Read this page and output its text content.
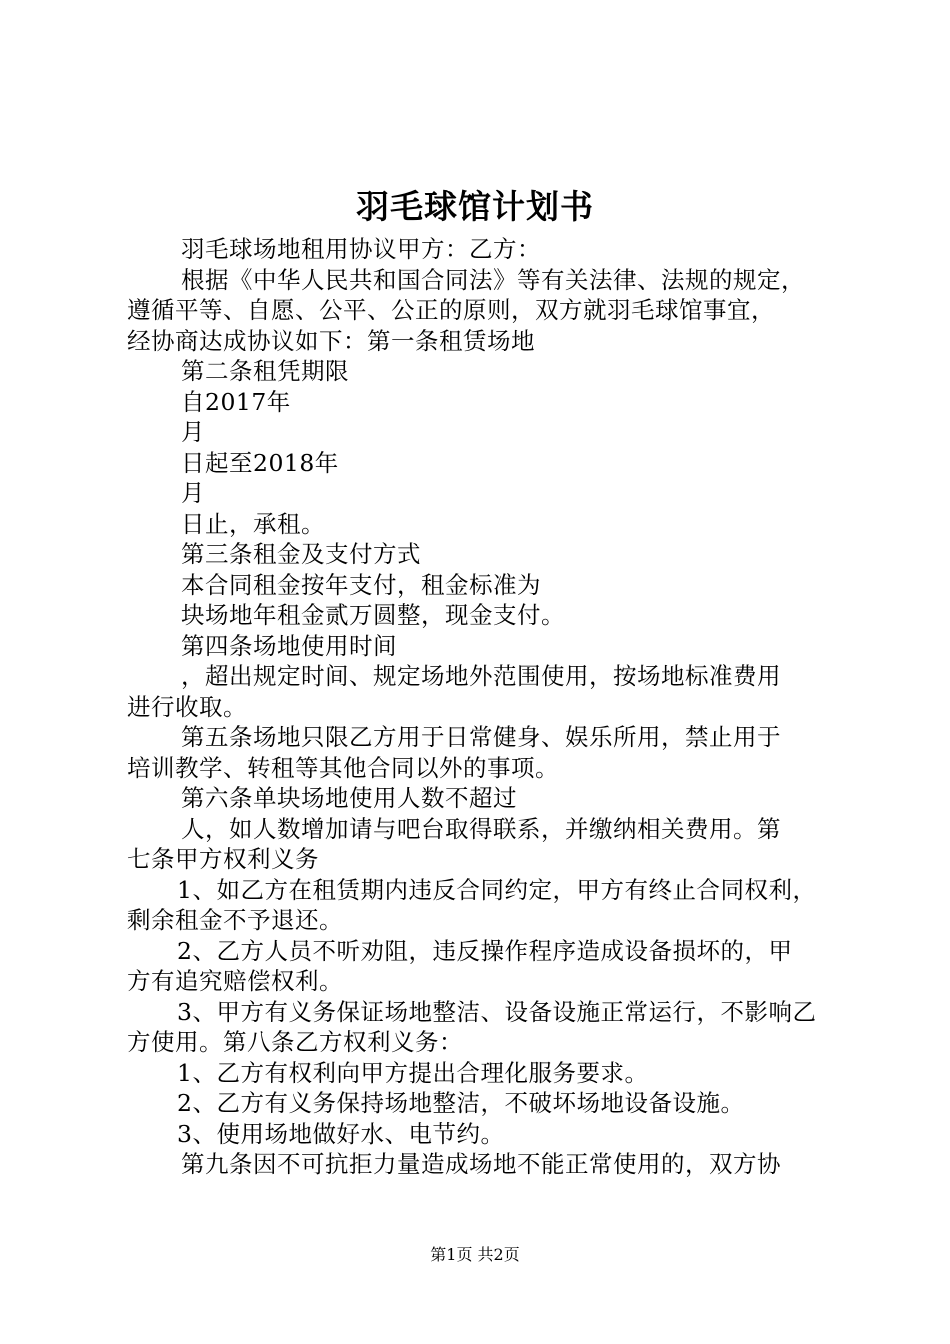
羽毛球馆计划书
羽毛球场地租用协议甲方：乙方：
根据《中华人民共和国合同法》等有关法律、法规的规定，
遵循平等、自愿、公平、公正的原则，双方就羽毛球馆事宜，
经协商达成协议如下：第一条租赁场地
第二条租凭期限
自2017年
月
日起至2018年
月
日止，承租。
第三条租金及支付方式
本合同租金按年支付，租金标准为
块场地年租金贰万圆整，现金支付。
第四条场地使用时间
，超出规定时间、规定场地外范围使用，按场地标准费用
进行收取。
第五条场地只限乙方用于日常健身、娱乐所用，禁止用于
培训教学、转租等其他合同以外的事项。
第六条单块场地使用人数不超过
人，如人数增加请与吧台取得联系，并缴纳相关费用。第
七条甲方权利义务
1、如乙方在租赁期内违反合同约定，甲方有终止合同权利，
剩余租金不予退还。
2、乙方人员不听劝阻，违反操作程序造成设备损坏的，甲
方有追究赔偿权利。
3、甲方有义务保证场地整洁、设备设施正常运行，不影响乙
方使用。第八条乙方权利义务：
1、乙方有权利向甲方提出合理化服务要求。
2、乙方有义务保持场地整洁，不破坏场地设备设施。
3、使用场地做好水、电节约。
第九条因不可抗拒力量造成场地不能正常使用的，双方协
第1页 共2页
